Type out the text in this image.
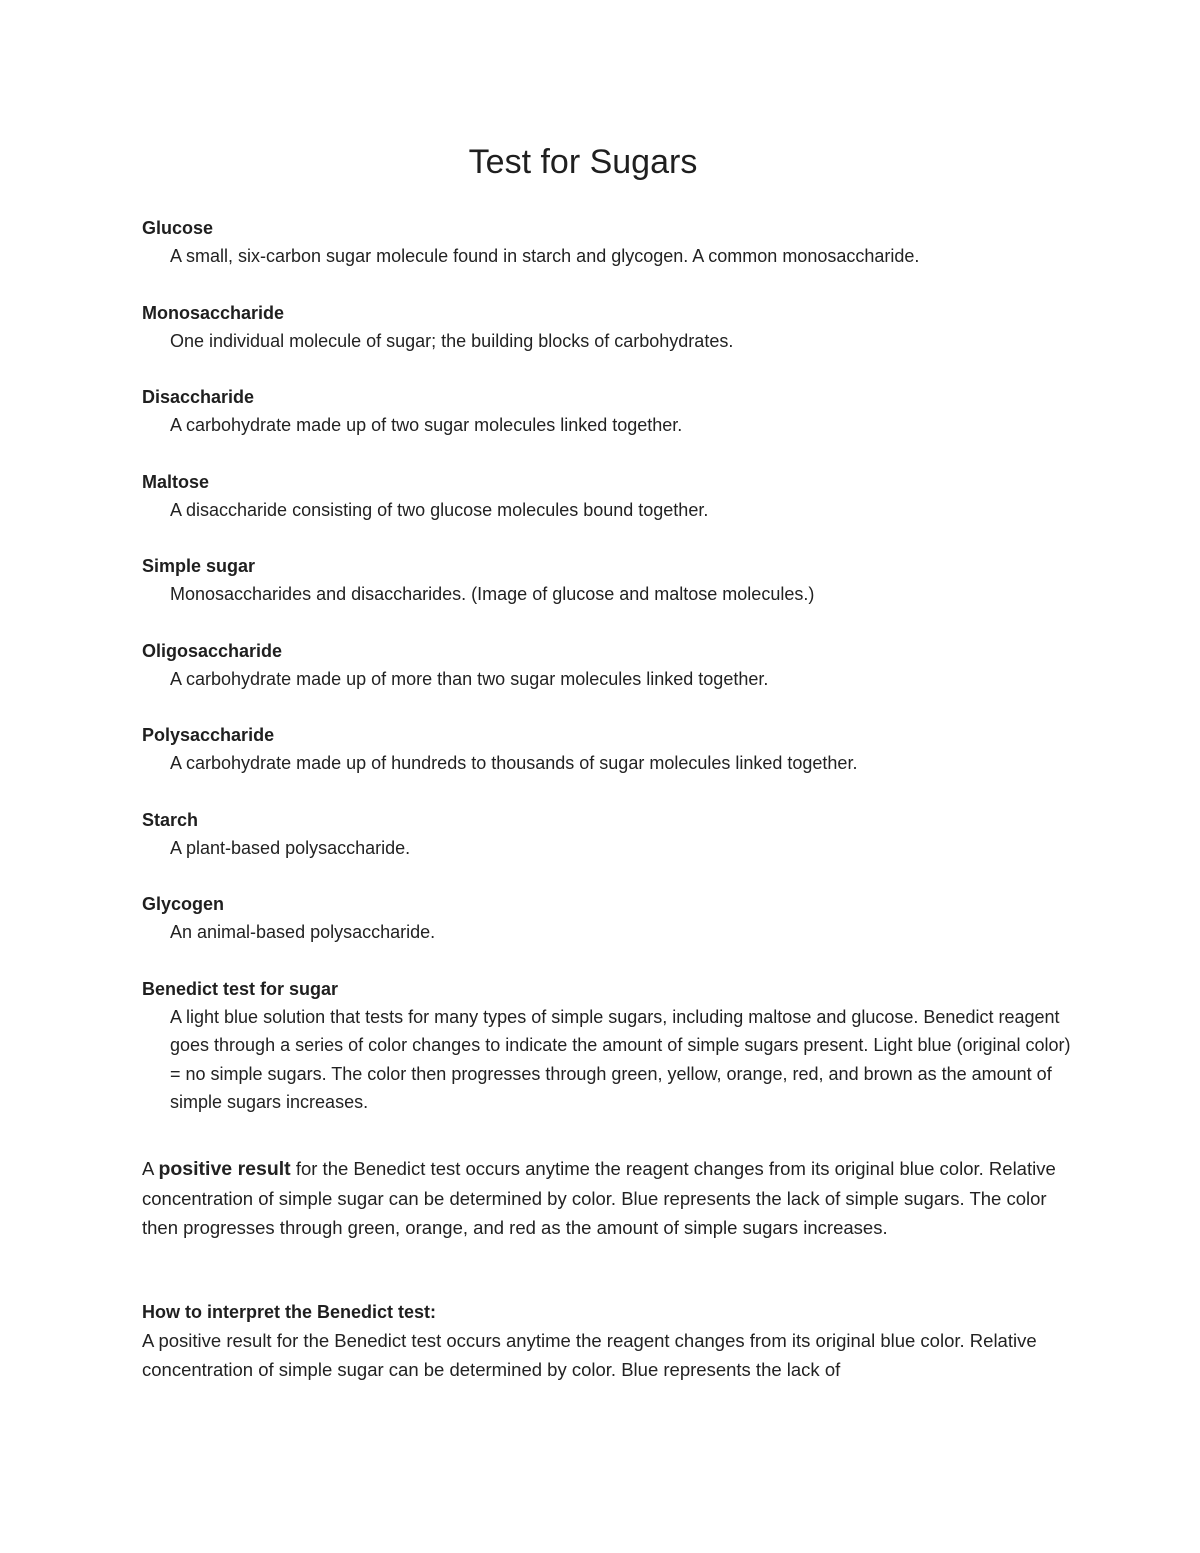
Test for Sugars

Glucose

A small, six-carbon sugar molecule found in starch and glycogen. A common monosaccharide.

Monosaccharide

One individual molecule of sugar; the building blocks of carbohydrates.

Disaccharide

A carbohydrate made up of two sugar molecules linked together.

Maltose

A disaccharide consisting of two glucose molecules bound together.

Simple sugar

Monosaccharides and disaccharides. (Image of glucose and maltose molecules.)

Oligosaccharide

A carbohydrate made up of more than two sugar molecules linked together.

Polysaccharide

A carbohydrate made up of hundreds to thousands of sugar molecules linked together.

Starch

A plant-based polysaccharide.

Glycogen

An animal-based polysaccharide.

Benedict test for sugar

A light blue solution that tests for many types of simple sugars, including maltose and glucose. Benedict reagent goes through a series of color changes to indicate the amount of simple sugars present. Light blue (original color) = no simple sugars. The color then progresses through green, yellow, orange, red, and brown as the amount of simple sugars increases.

A positive result for the Benedict test occurs anytime the reagent changes from its original blue color. Relative concentration of simple sugar can be determined by color. Blue represents the lack of simple sugars. The color then progresses through green, orange, and red as the amount of simple sugars increases.

How to interpret the Benedict test:

A positive result for the Benedict test occurs anytime the reagent changes from its original blue color. Relative concentration of simple sugar can be determined by color. Blue represents the lack of
